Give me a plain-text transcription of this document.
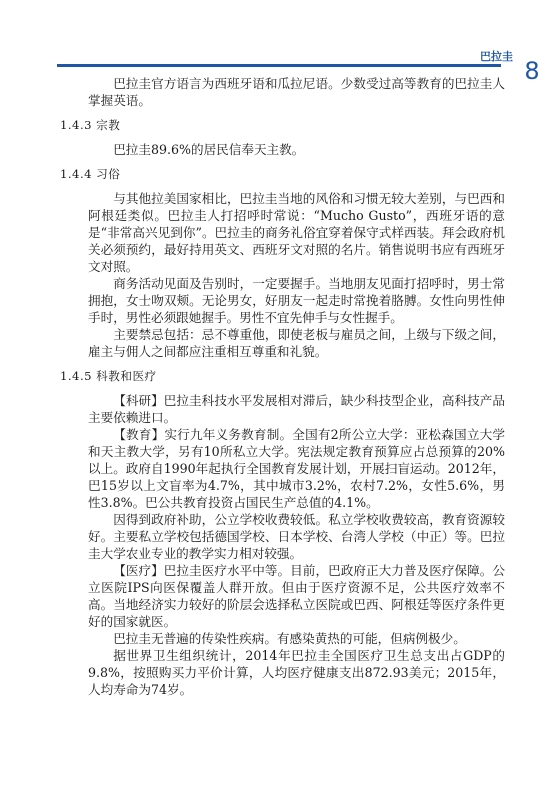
巴拉圭
8

巴拉圭官方语言为西班牙语和瓜拉尼语。少数受过高等教育的巴拉圭人掌握英语。

1.4.3 宗教

巴拉圭89.6%的居民信奉天主教。

1.4.4 习俗

与其他拉美国家相比，巴拉圭当地的风俗和习惯无较大差别，与巴西和阿根廷类似。巴拉圭人打招呼时常说：“Mucho Gusto”，西班牙语的意是“非常高兴见到你”。巴拉圭的商务礼俗宜穿着保守式样西装。拜会政府机关必须预约，最好持用英文、西班牙文对照的名片。销售说明书应有西班牙文对照。

商务活动见面及告别时，一定要握手。当地朋友见面打招呼时，男士常拥抱，女士吻双颊。无论男女，好朋友一起走时常挽着胳膊。女性向男性伸手时，男性必须跟她握手。男性不宜先伸手与女性握手。

主要禁忌包括：忌不尊重他，即使老板与雇员之间，上级与下级之间，雇主与佣人之间都应注重相互尊重和礼貌。

1.4.5 科教和医疗

【科研】巴拉圭科技水平发展相对滞后，缺少科技型企业，高科技产品主要依赖进口。

【教育】实行九年义务教育制。全国有2所公立大学：亚松森国立大学和天主教大学，另有10所私立大学。宪法规定教育预算应占总预算的20%以上。政府自1990年起执行全国教育发展计划，开展扫盲运动。2012年，巴15岁以上文盲率为4.7%，其中城市3.2%，农村7.2%，女性5.6%，男性3.8%。巴公共教育投资占国民生产总值的4.1%。

因得到政府补助，公立学校收费较低。私立学校收费较高，教育资源较好。主要私立学校包括德国学校、日本学校、台湾人学校（中正）等。巴拉圭大学农业专业的教学实力相对较强。

【医疗】巴拉圭医疗水平中等。目前，巴政府正大力普及医疗保障。公立医院IPS向医保覆盖人群开放。但由于医疗资源不足，公共医疗效率不高。当地经济实力较好的阶层会选择私立医院或巴西、阿根廷等医疗条件更好的国家就医。

巴拉圭无普遍的传染性疾病。有感染黄热的可能，但病例极少。

据世界卫生组织统计，2014年巴拉圭全国医疗卫生总支出占GDP的9.8%，按照购买力平价计算，人均医疗健康支出872.93美元；2015年，人均寿命为74岁。
